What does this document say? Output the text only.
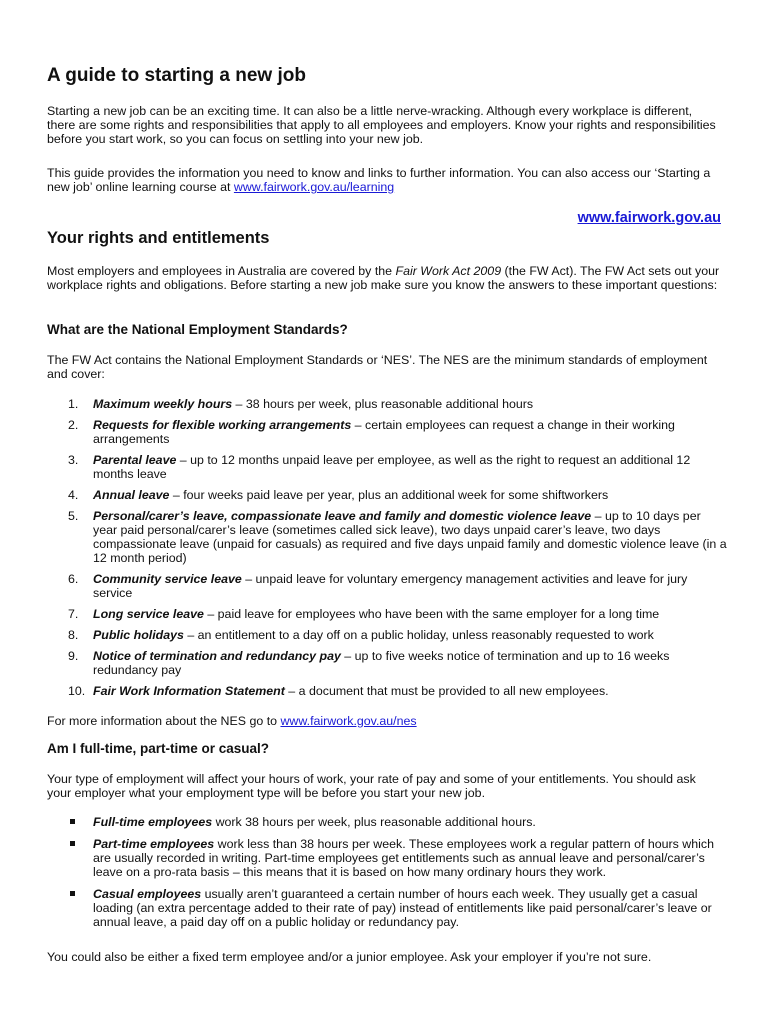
A guide to starting a new job

Starting a new job can be an exciting time. It can also be a little nerve-wracking. Although every workplace is different, there are some rights and responsibilities that apply to all employees and employers. Know your rights and responsibilities before you start work, so you can focus on settling into your new job.

This guide provides the information you need to know and links to further information. You can also access our ‘Starting a new job’ online learning course at www.fairwork.gov.au/learning

www.fairwork.gov.au
Your rights and entitlements

Most employers and employees in Australia are covered by the Fair Work Act 2009 (the FW Act). The FW Act sets out your workplace rights and obligations. Before starting a new job make sure you know the answers to these important questions:

What are the National Employment Standards?

The FW Act contains the National Employment Standards or ‘NES’. The NES are the minimum standards of employment and cover:

1. Maximum weekly hours – 38 hours per week, plus reasonable additional hours
2. Requests for flexible working arrangements – certain employees can request a change in their working arrangements
3. Parental leave – up to 12 months unpaid leave per employee, as well as the right to request an additional 12 months leave
4. Annual leave – four weeks paid leave per year, plus an additional week for some shiftworkers
5. Personal/carer’s leave, compassionate leave and family and domestic violence leave – up to 10 days per year paid personal/carer’s leave (sometimes called sick leave), two days unpaid carer’s leave, two days compassionate leave (unpaid for casuals) as required and five days unpaid family and domestic violence leave (in a 12 month period)
6. Community service leave – unpaid leave for voluntary emergency management activities and leave for jury service
7. Long service leave – paid leave for employees who have been with the same employer for a long time
8. Public holidays – an entitlement to a day off on a public holiday, unless reasonably requested to work
9. Notice of termination and redundancy pay – up to five weeks notice of termination and up to 16 weeks redundancy pay
10. Fair Work Information Statement – a document that must be provided to all new employees.

For more information about the NES go to www.fairwork.gov.au/nes

Am I full-time, part-time or casual?

Your type of employment will affect your hours of work, your rate of pay and some of your entitlements. You should ask your employer what your employment type will be before you start your new job.

Full-time employees work 38 hours per week, plus reasonable additional hours.
Part-time employees work less than 38 hours per week. These employees work a regular pattern of hours which are usually recorded in writing. Part-time employees get entitlements such as annual leave and personal/carer’s leave on a pro-rata basis – this means that it is based on how many ordinary hours they work.
Casual employees usually aren’t guaranteed a certain number of hours each week. They usually get a casual loading (an extra percentage added to their rate of pay) instead of entitlements like paid personal/carer’s leave or annual leave, a paid day off on a public holiday or redundancy pay.

You could also be either a fixed term employee and/or a junior employee. Ask your employer if you’re not sure.
